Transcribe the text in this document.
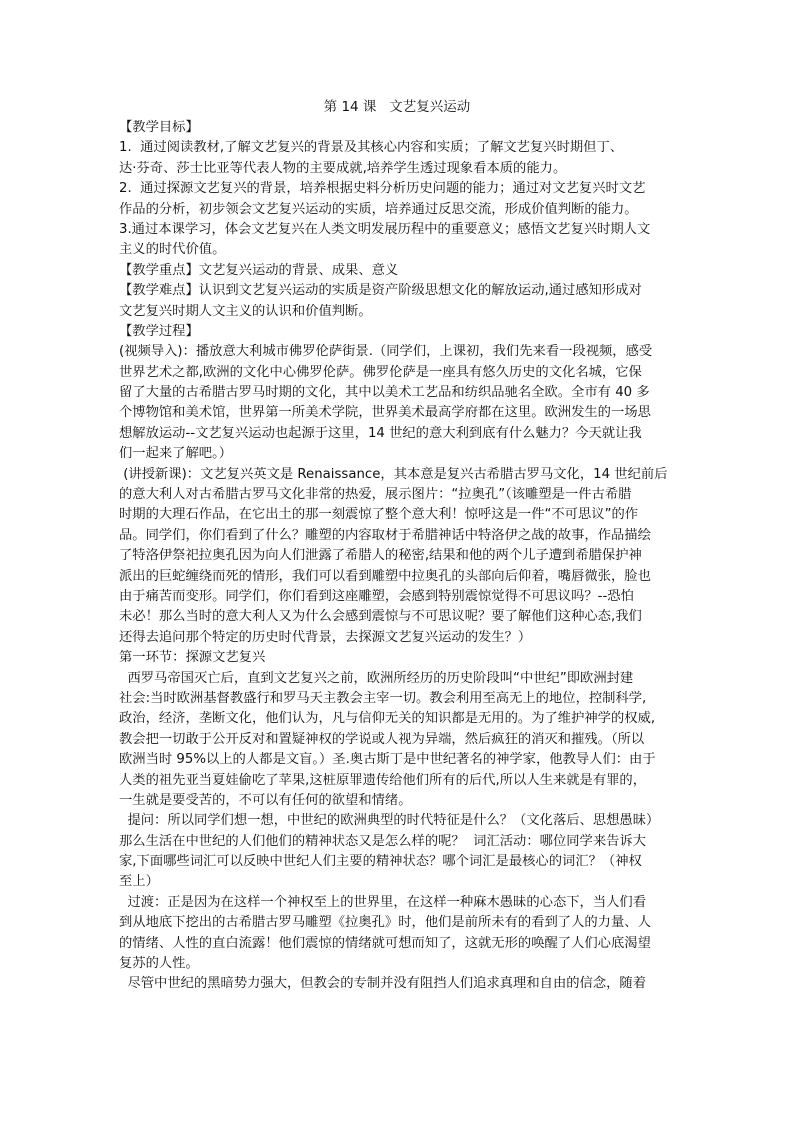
第 14 课   文艺复兴运动
【教学目标】
1.  通过阅读教材,了解文艺复兴的背景及其核心内容和实质；了解文艺复兴时期但丁、
达·芬奇、莎士比亚等代表人物的主要成就,培养学生透过现象看本质的能力。
2.  通过探源文艺复兴的背景，培养根据史料分析历史问题的能力；通过对文艺复兴时文艺
作品的分析，初步领会文艺复兴运动的实质，培养通过反思交流，形成价值判断的能力。
3.通过本课学习，体会文艺复兴在人类文明发展历程中的重要意义；感悟文艺复兴时期人文
主义的时代价值。
【教学重点】文艺复兴运动的背景、成果、意义
【教学难点】认识到文艺复兴运动的实质是资产阶级思想文化的解放运动,通过感知形成对
文艺复兴时期人文主义的认识和价值判断。
【教学过程】
(视频导入)：播放意大利城市佛罗伦萨街景.（同学们，上课初，我们先来看一段视频，感受
世界艺术之都,欧洲的文化中心佛罗伦萨。佛罗伦萨是一座具有悠久历史的文化名城，它保
留了大量的古希腊古罗马时期的文化，其中以美术工艺品和纺织品驰名全欧。全市有 40 多
个博物馆和美术馆，世界第一所美术学院，世界美术最高学府都在这里。欧洲发生的一场思
想解放运动--文艺复兴运动也起源于这里，14 世纪的意大利到底有什么魅力？今天就让我
们一起来了解吧。）
(讲授新课)：文艺复兴英文是 Renaissance，其本意是复兴古希腊古罗马文化，14 世纪前后
的意大利人对古希腊古罗马文化非常的热爱，展示图片：“拉奥孔”（该雕塑是一件古希腊
时期的大理石作品，在它出土的那一刻震惊了整个意大利！惊呼这是一件“不可思议”的作
品。同学们，你们看到了什么？雕塑的内容取材于希腊神话中特洛伊之战的故事，作品描绘
了特洛伊祭祀拉奥孔因为向人们泄露了希腊人的秘密,结果和他的两个儿子遭到希腊保护神
派出的巨蛇缠绕而死的情形，我们可以看到雕塑中拉奥孔的头部向后仰着，嘴唇微张，脸也
由于痛苦而变形。同学们，你们看到这座雕塑，会感到特别震惊觉得不可思议吗？--恐怕
未必！那么当时的意大利人又为什么会感到震惊与不可思议呢？要了解他们这种心态,我们
还得去追问那个特定的历史时代背景，去探源文艺复兴运动的发生？）
第一环节：探源文艺复兴
西罗马帝国灭亡后，直到文艺复兴之前，欧洲所经历的历史阶段叫“中世纪”即欧洲封建
社会:当时欧洲基督教盛行和罗马天主教会主宰一切。教会利用至高无上的地位，控制科学,
政治，经济，垄断文化，他们认为，凡与信仰无关的知识都是无用的。为了维护神学的权威,
教会把一切敢于公开反对和置疑神权的学说或人视为异端，然后疯狂的消灭和摧残。（所以
欧洲当时 95%以上的人都是文盲。）圣.奥古斯丁是中世纪著名的神学家，他教导人们：由于
人类的祖先亚当夏娃偷吃了苹果,这桩原罪遗传给他们所有的后代,所以人生来就是有罪的，
一生就是要受苦的，不可以有任何的欲望和情绪。
提问：所以同学们想一想，中世纪的欧洲典型的时代特征是什么？（文化落后、思想愚昧）
那么生活在中世纪的人们他们的精神状态又是怎么样的呢？  词汇活动：哪位同学来告诉大
家,下面哪些词汇可以反映中世纪人们主要的精神状态？哪个词汇是最核心的词汇？（神权
至上）
过渡：正是因为在这样一个神权至上的世界里，在这样一种麻木愚昧的心态下，当人们看
到从地底下挖出的古希腊古罗马雕塑《拉奥孔》时，他们是前所未有的看到了人的力量、人
的情绪、人性的直白流露！他们震惊的情绪就可想而知了，这就无形的唤醒了人们心底渴望
复苏的人性。
尽管中世纪的黑暗势力强大，但教会的专制并没有阻挡人们追求真理和自由的信念，随着
